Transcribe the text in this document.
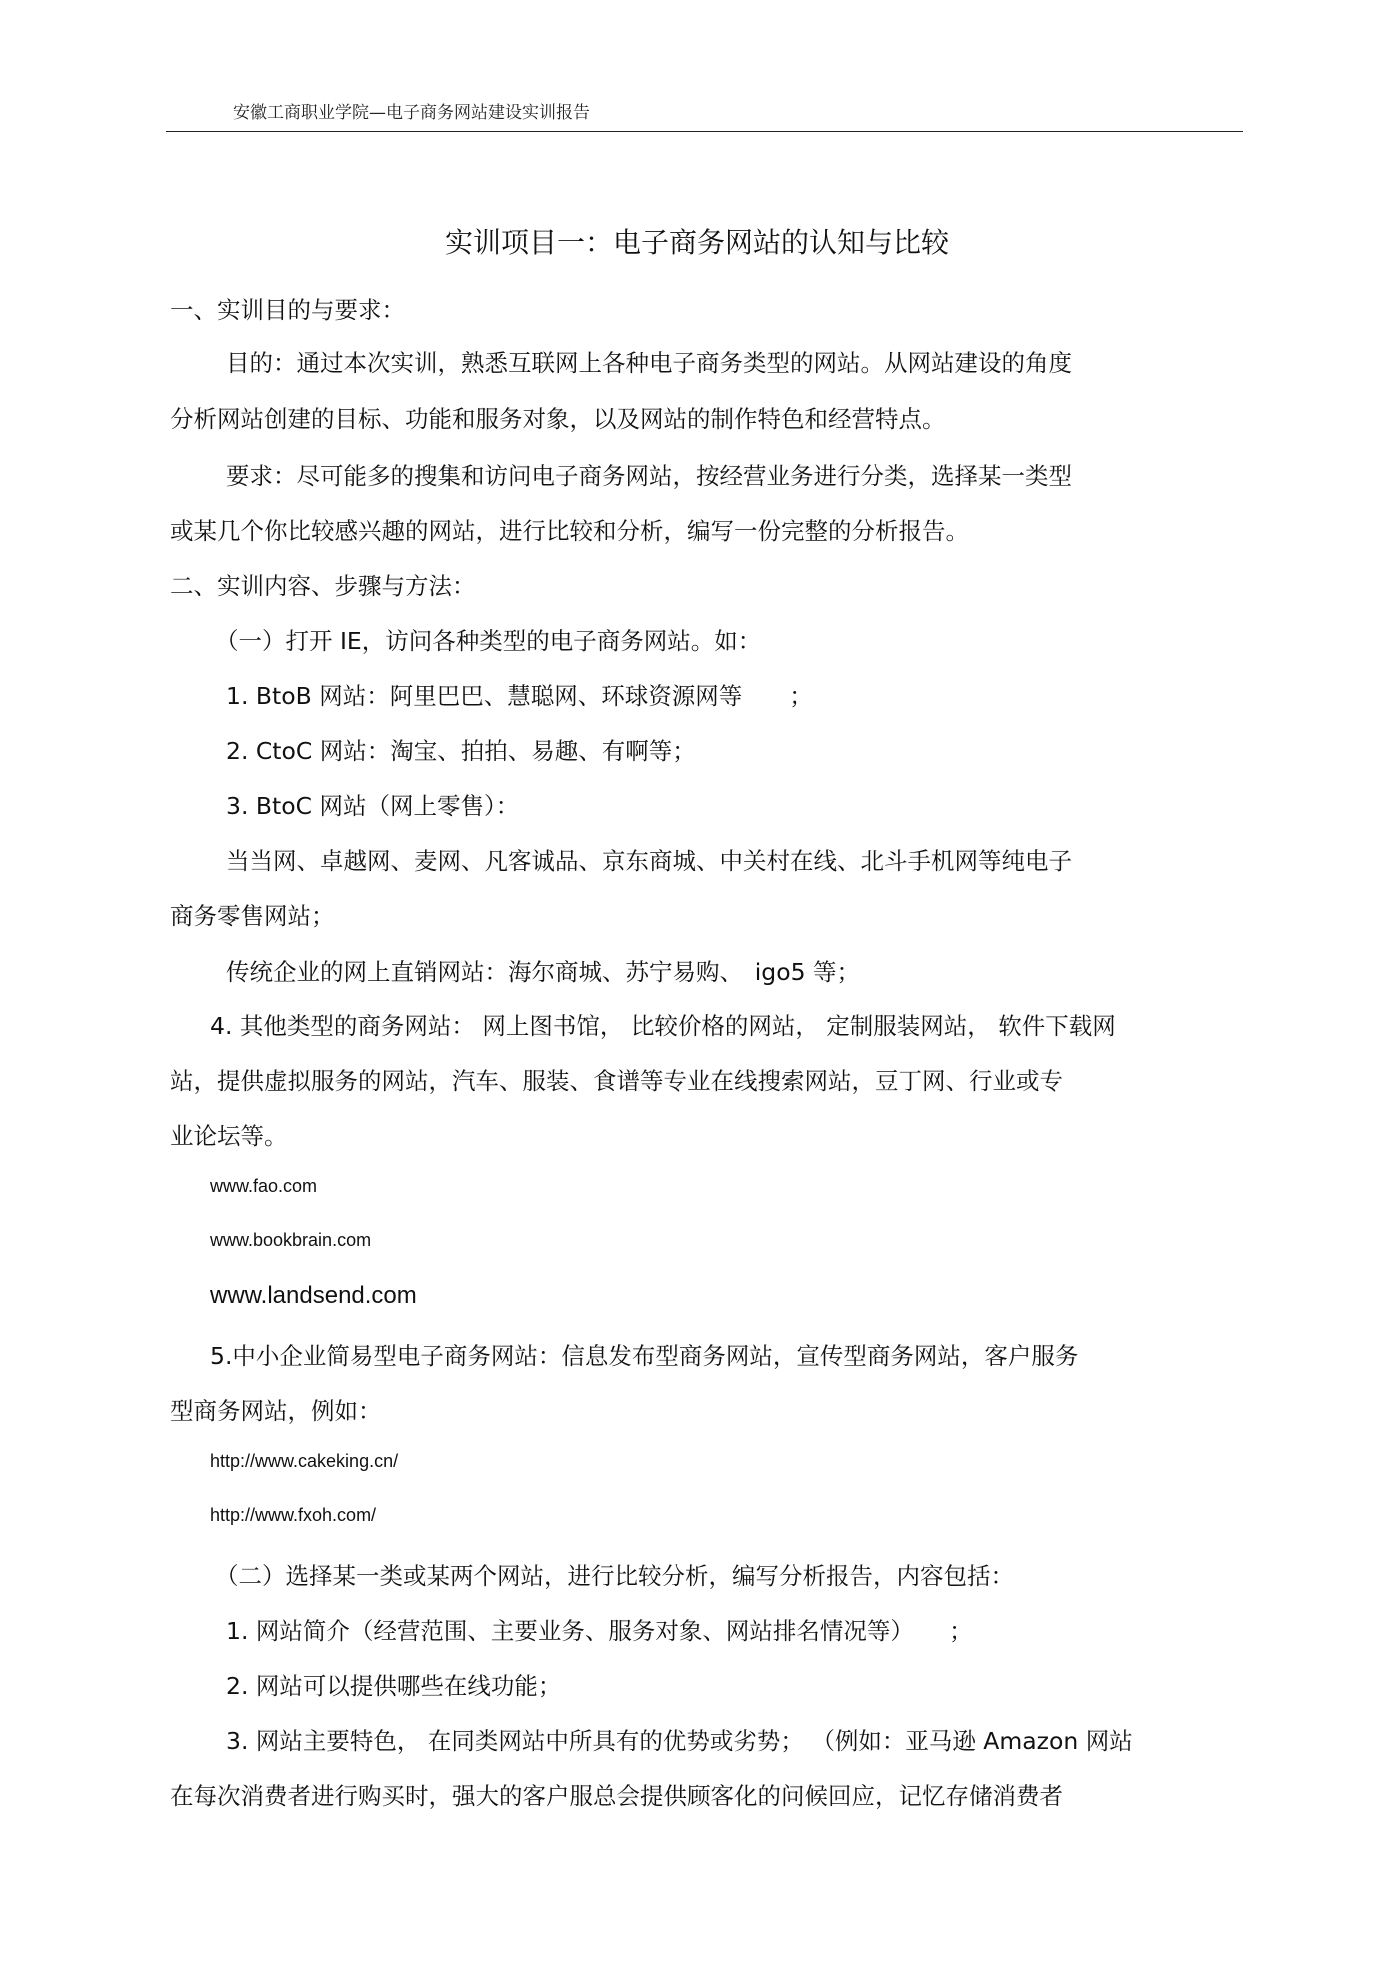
安徽工商职业学院—电子商务网站建设实训报告
实训项目一：电子商务网站的认知与比较
一、实训目的与要求：
目的：通过本次实训，熟悉互联网上各种电子商务类型的网站。从网站建设的角度
分析网站创建的目标、功能和服务对象，以及网站的制作特色和经营特点。
要求：尽可能多的搜集和访问电子商务网站，按经营业务进行分类，选择某一类型
或某几个你比较感兴趣的网站，进行比较和分析，编写一份完整的分析报告。
二、实训内容、步骤与方法：
（一）打开 IE，访问各种类型的电子商务网站。如：
1. BtoB 网站：阿里巴巴、慧聪网、环球资源网等　　；
2. CtoC 网站：淘宝、拍拍、易趣、有啊等；
3. BtoC 网站（网上零售）：
当当网、卓越网、麦网、凡客诚品、京东商城、中关村在线、北斗手机网等纯电子
商务零售网站；
传统企业的网上直销网站：海尔商城、苏宁易购、　igo5 等；
4. 其他类型的商务网站： 网上图书馆， 比较价格的网站， 定制服装网站， 软件下载网
站，提供虚拟服务的网站，汽车、服装、食谱等专业在线搜索网站，豆丁网、行业或专
业论坛等。
www.fao.com
www.bookbrain.com
www.landsend.com
5.中小企业简易型电子商务网站：信息发布型商务网站，宣传型商务网站，客户服务
型商务网站，例如：
http://www.cakeking.cn/
http://www.fxoh.com/
（二）选择某一类或某两个网站，进行比较分析，编写分析报告，内容包括：
1. 网站简介（经营范围、主要业务、服务对象、网站排名情况等）　　；
2. 网站可以提供哪些在线功能；
3. 网站主要特色， 在同类网站中所具有的优势或劣势； （例如：亚马逊 Amazon 网站
在每次消费者进行购买时，强大的客户服总会提供顾客化的问候回应，记忆存储消费者
